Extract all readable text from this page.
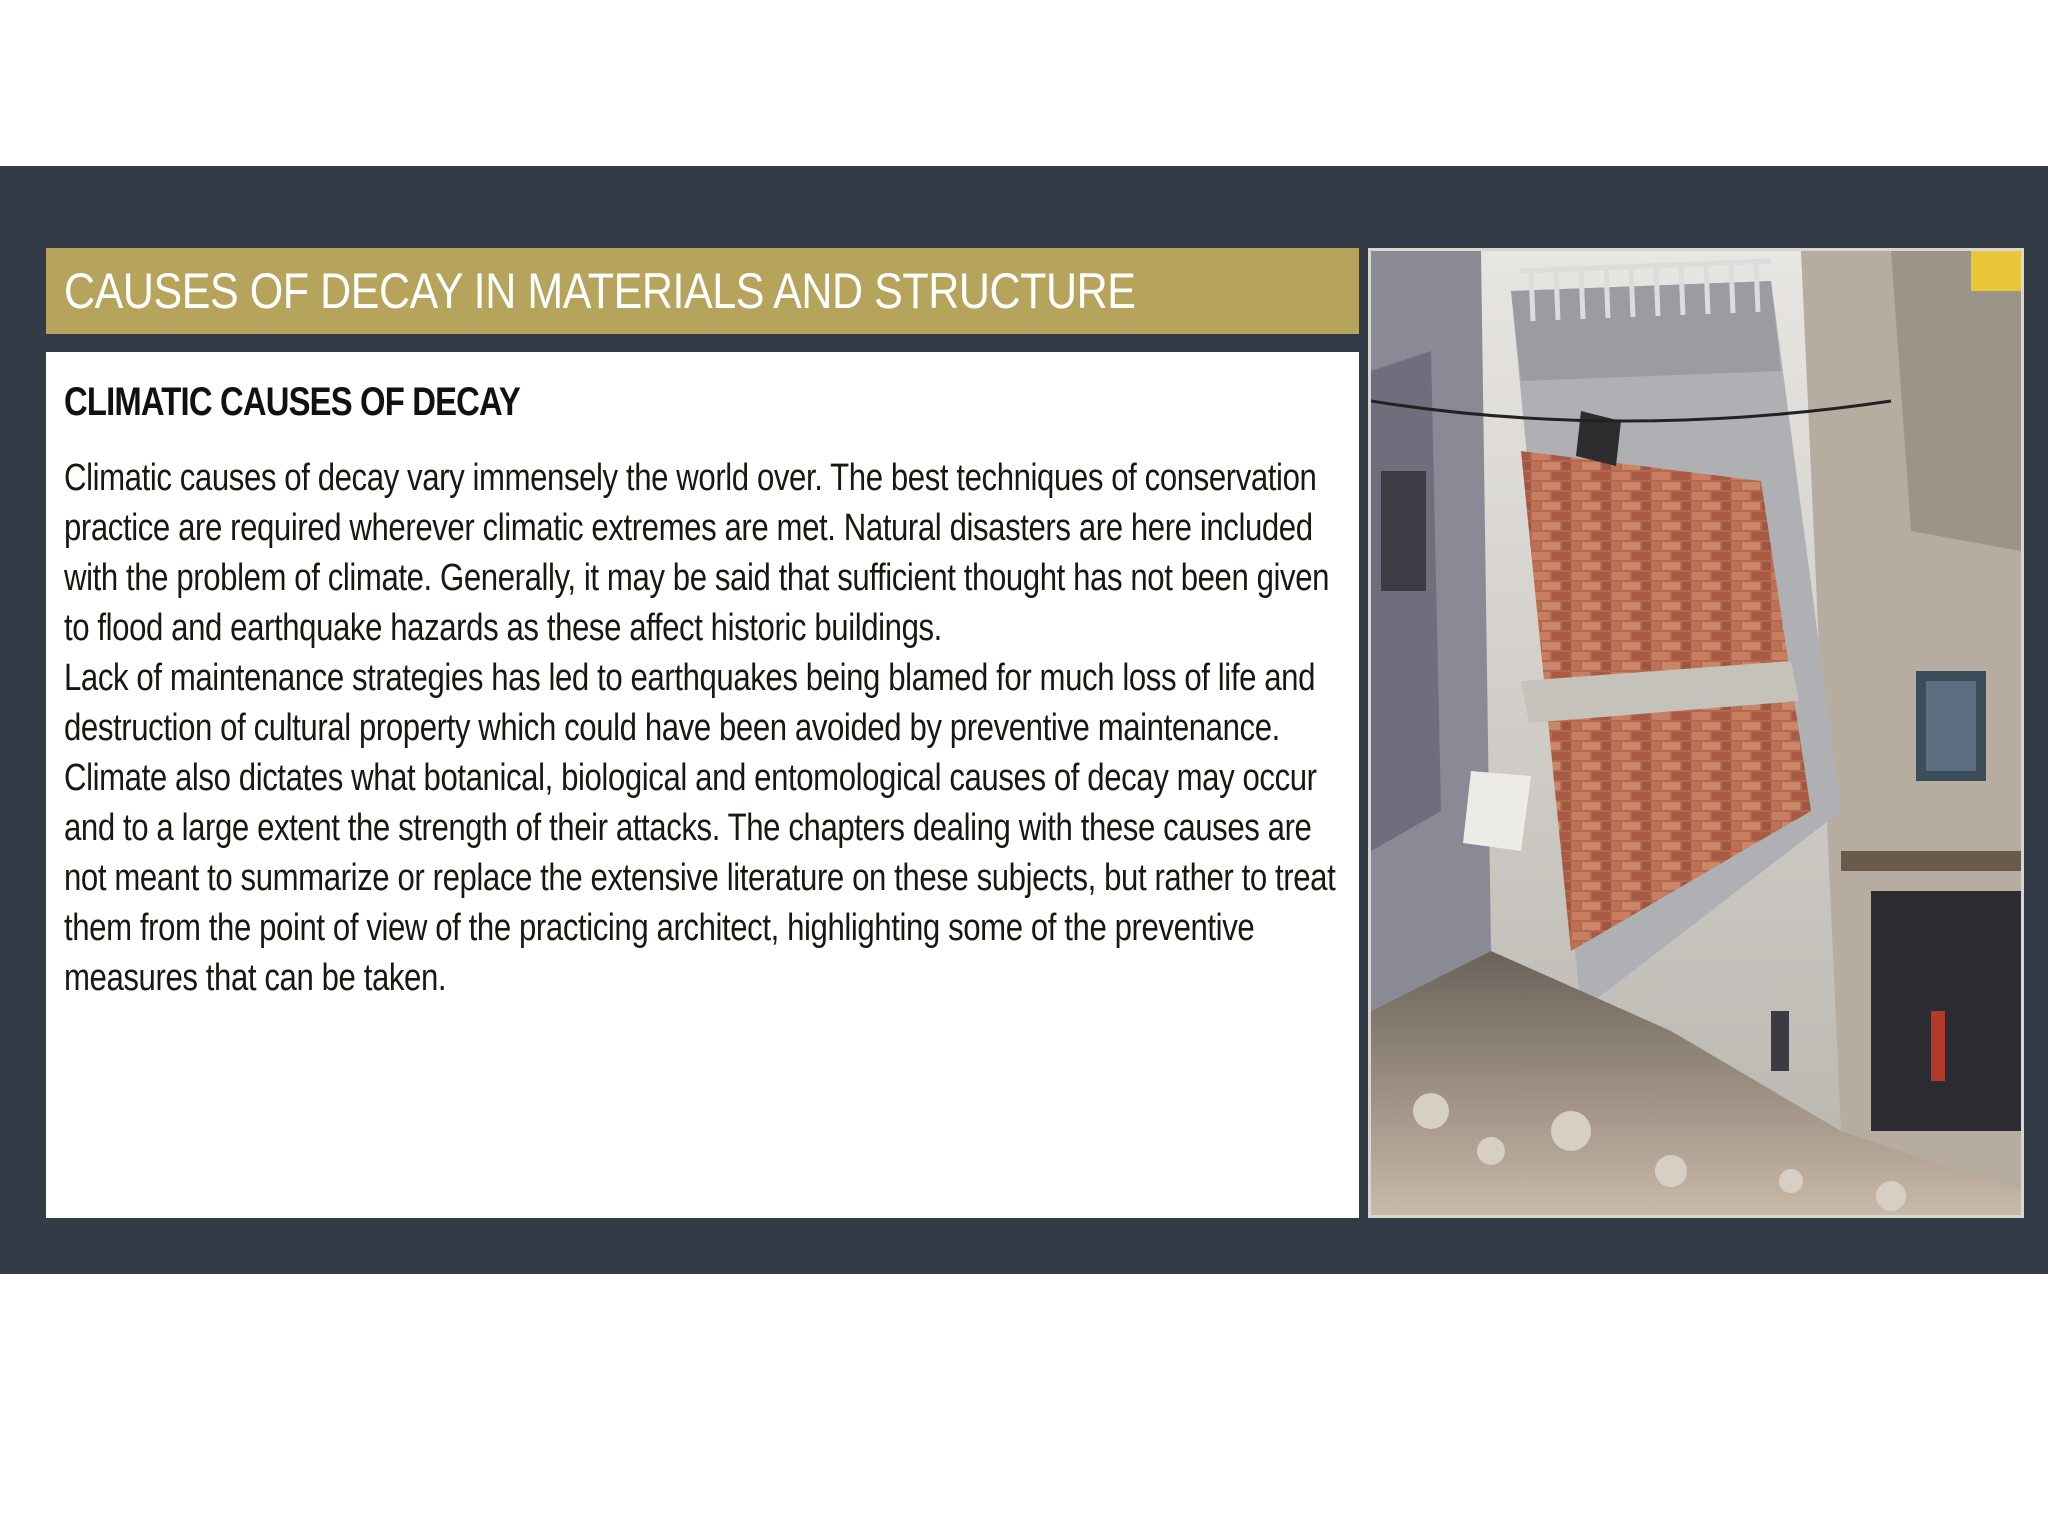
CAUSES OF DECAY IN MATERIALS AND STRUCTURE
CLIMATIC CAUSES OF DECAY

Climatic causes of decay vary immensely the world over. The best techniques of conservation practice are required wherever climatic extremes are met. Natural disasters are here included with the problem of climate. Generally, it may be said that sufficient thought has not been given to flood and earthquake hazards as these affect historic buildings.

Lack of maintenance strategies has led to earthquakes being blamed for much loss of life and destruction of cultural property which could have been avoided by preventive maintenance. Climate also dictates what botanical, biological and entomological causes of decay may occur and to a large extent the strength of their attacks. The chapters dealing with these causes are not meant to summarize or replace the extensive literature on these subjects, but rather to treat them from the point of view of the practicing architect, highlighting some of the preventive measures that can be taken.
